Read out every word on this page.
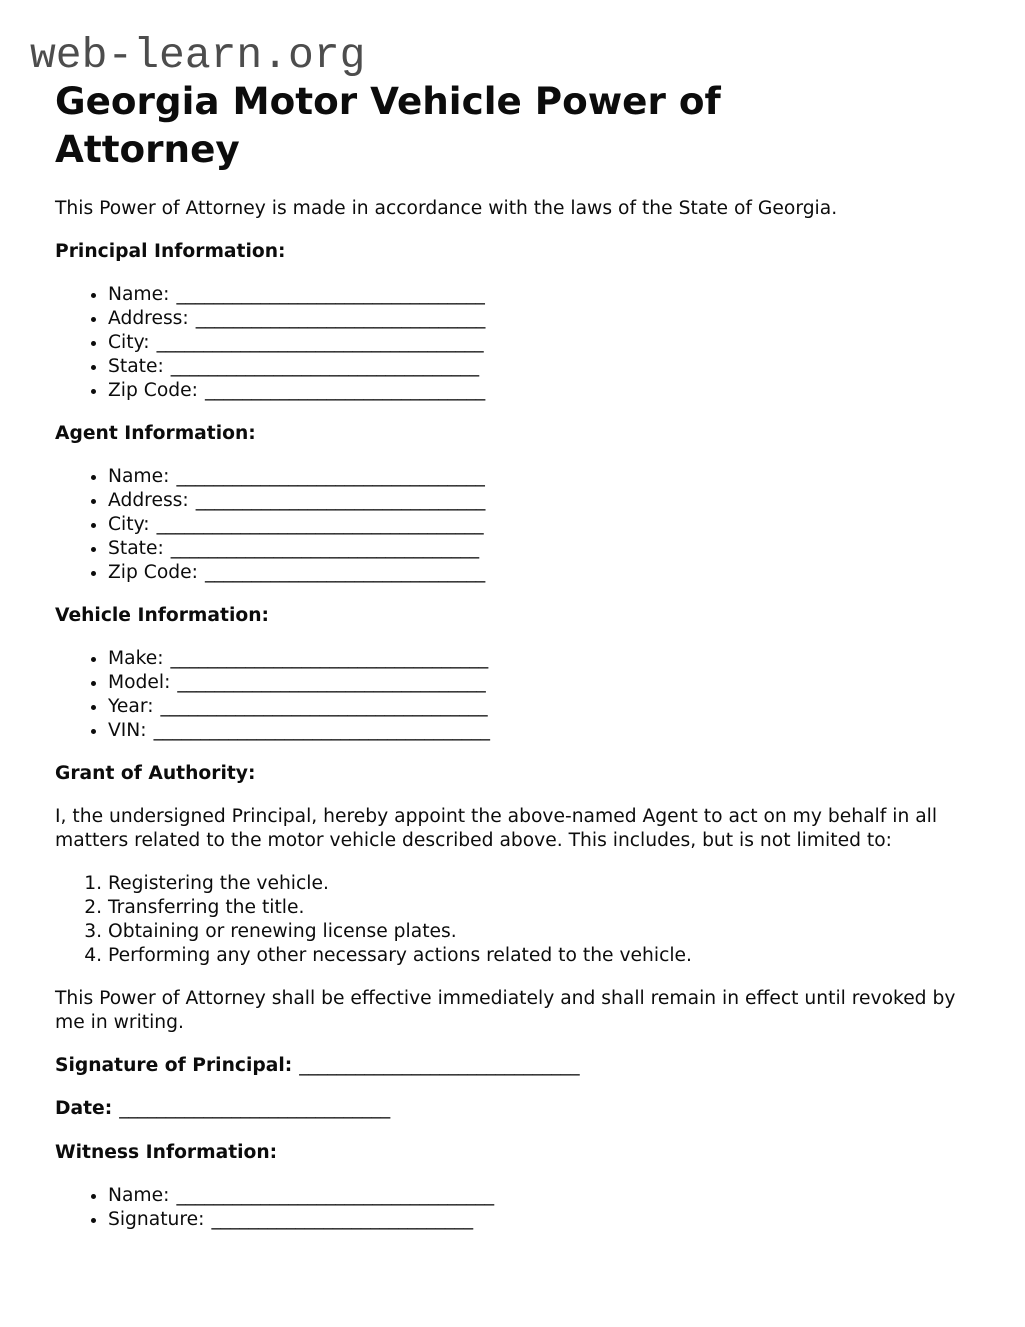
web-learn.org
Georgia Motor Vehicle Power of Attorney

This Power of Attorney is made in accordance with the laws of the State of Georgia.

Principal Information:

• Name: _________________________________
• Address: _______________________________
• City: ___________________________________
• State: _________________________________
• Zip Code: ______________________________

Agent Information:

• Name: _________________________________
• Address: _______________________________
• City: ___________________________________
• State: _________________________________
• Zip Code: ______________________________

Vehicle Information:

• Make: __________________________________
• Model: _________________________________
• Year: ___________________________________
• VIN: ____________________________________

Grant of Authority:

I, the undersigned Principal, hereby appoint the above-named Agent to act on my behalf in all matters related to the motor vehicle described above. This includes, but is not limited to:

1. Registering the vehicle.
2. Transferring the title.
3. Obtaining or renewing license plates.
4. Performing any other necessary actions related to the vehicle.

This Power of Attorney shall be effective immediately and shall remain in effect until revoked by me in writing.

Signature of Principal: ______________________________

Date: _____________________________

Witness Information:

• Name: __________________________________
• Signature: ____________________________
